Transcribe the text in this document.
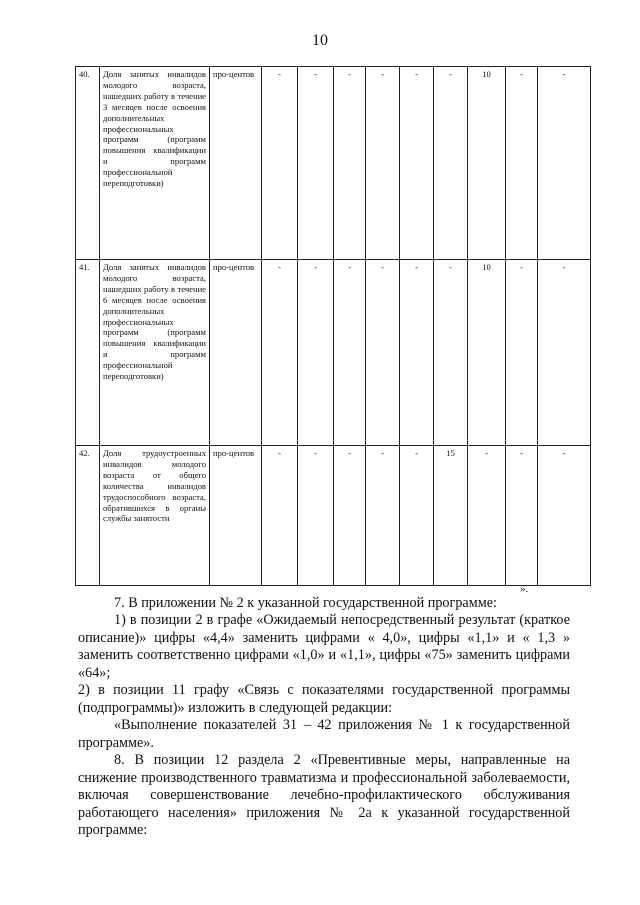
10
40.	Доля занятых инвалидов молодого возраста, нашедших работу в течение 3 месяцев после освоения дополнительных профессиональных программ (программ повышения квалификации и программ профессиональной переподготовки)	про-центов	-	-	-	-	-	-	10	-	-
41.	Доля занятых инвалидов молодого возраста, нашедших работу в течение 6 месяцев после освоения дополнительных профессиональных программ (программ повышения квалификации и программ профессиональной переподготовки)	про-центов	-	-	-	-	-	-	10	-	-
42.	Доля трудоустроенных инвалидов молодого возраста от общего количества инвалидов трудоспособного возраста, обратившихся в органы службы занятости	про-центов	-	-	-	-	-	15	-	-	-
».

7. В приложении № 2 к указанной государственной программе:

1) в позиции 2 в графе «Ожидаемый непосредственный результат (краткое описание)» цифры «4,4» заменить цифрами « 4,0», цифры «1,1» и « 1,3 » заменить соответственно цифрами «1,0» и «1,1», цифры «75» заменить цифрами «64»;

2) в позиции 11 графу «Связь с показателями государственной программы (подпрограммы)» изложить в следующей редакции:

«Выполнение показателей 31 – 42 приложения № 1 к государственной программе».

8. В позиции 12 раздела 2 «Превентивные меры, направленные на снижение производственного травматизма и профессиональной заболеваемости, включая совершенствование лечебно-профилактического обслуживания работающего населения» приложения № 2а к указанной государственной программе:
